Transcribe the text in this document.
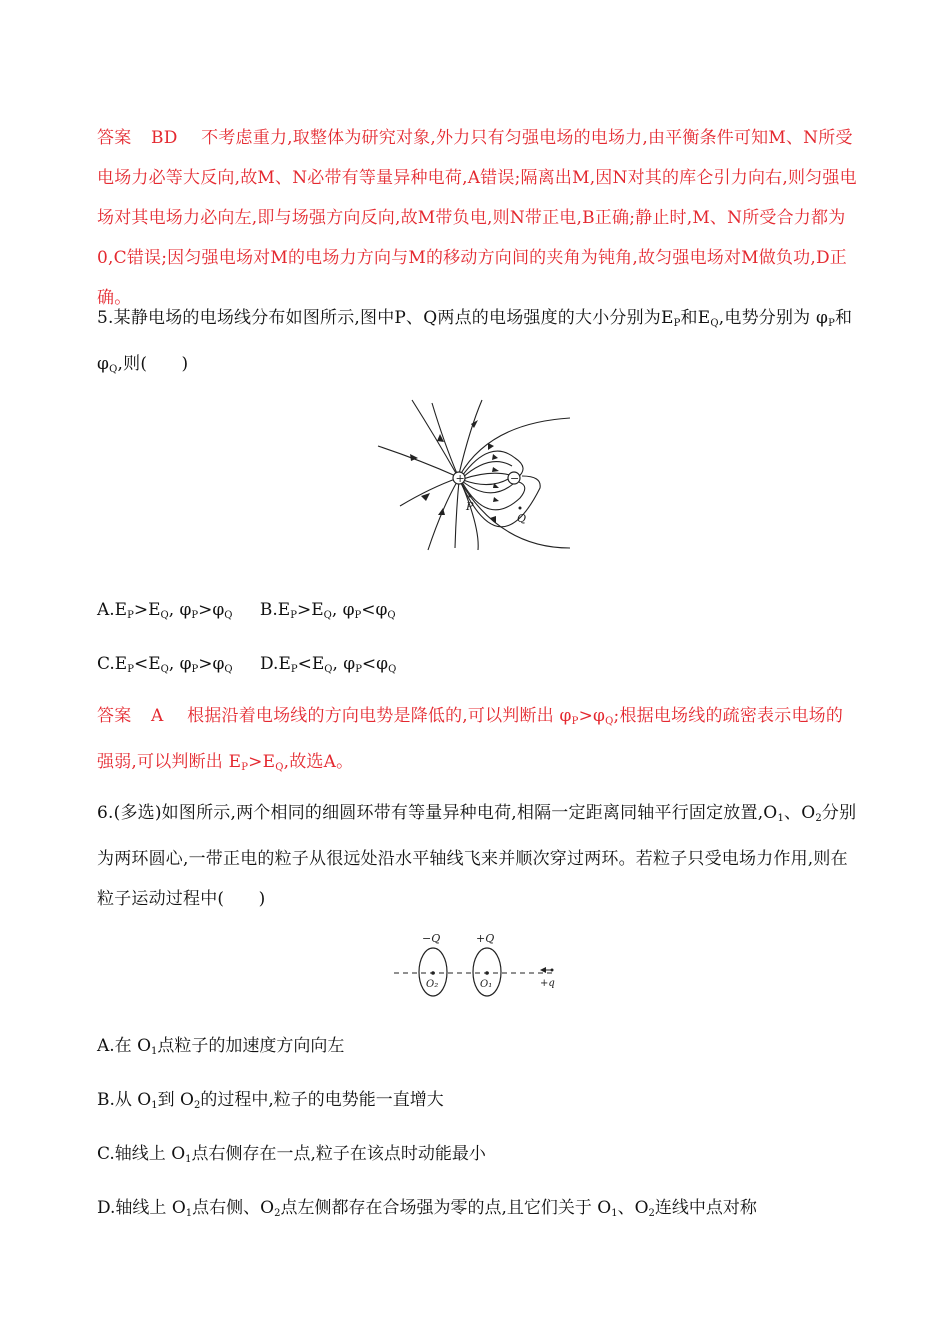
答案 BD 不考虑重力,取整体为研究对象,外力只有匀强电场的电场力,由平衡条件可知M、N所受电场力必等大反向,故M、N必带有等量异种电荷,A错误;隔离出M,因N对其的库仑引力向右,则匀强电场对其电场力必向左,即与场强方向反向,故M带负电,则N带正电,B正确;静止时,M、N所受合力都为0,C错误;因匀强电场对M的电场力方向与M的移动方向间的夹角为钝角,故匀强电场对M做负功,D正确。
5.某静电场的电场线分布如图所示,图中P、Q两点的电场强度的大小分别为$E_P$和$E_Q$,电势分别为 $\varphi_P$和
$\varphi_Q$,则(　　)
+	−
P
Q
$A.E_P>E_Q$, $\varphi_P>\varphi_Q$ $B.E_P>E_Q$, $\varphi_P<\varphi_Q$
$C.E_P<E_Q$, $\varphi_P>\varphi_Q$ $D.E_P<E_Q$, $\varphi_P<\varphi_Q$
答案 A 根据沿着电场线的方向电势是降低的,可以判断出 $\varphi_P>\varphi_Q$;根据电场线的疏密表示电场的强弱,可以判断出 $E_P>E_Q$,故选A。
6.(多选)如图所示,两个相同的细圆环带有等量异种电荷,相隔一定距离同轴平行固定放置$,O_1$、$O_2$分别为两环圆心,一带正电的粒子从很远处沿水平轴线飞来并顺次穿过两环。若粒子只受电场力作用,则在粒子运动过程中(　　)
−Q	+Q
O₂	O₁	+q
A.在 $O_1$点粒子的加速度方向向左
B.从 $O_1$到 $O_2$的过程中,粒子的电势能一直增大
C.轴线上 $O_1$点右侧存在一点,粒子在该点时动能最小
D.轴线上 $O_1$点右侧、$O_2$点左侧都存在合场强为零的点,且它们关于 $O_1$、$O_2$连线中点对称
